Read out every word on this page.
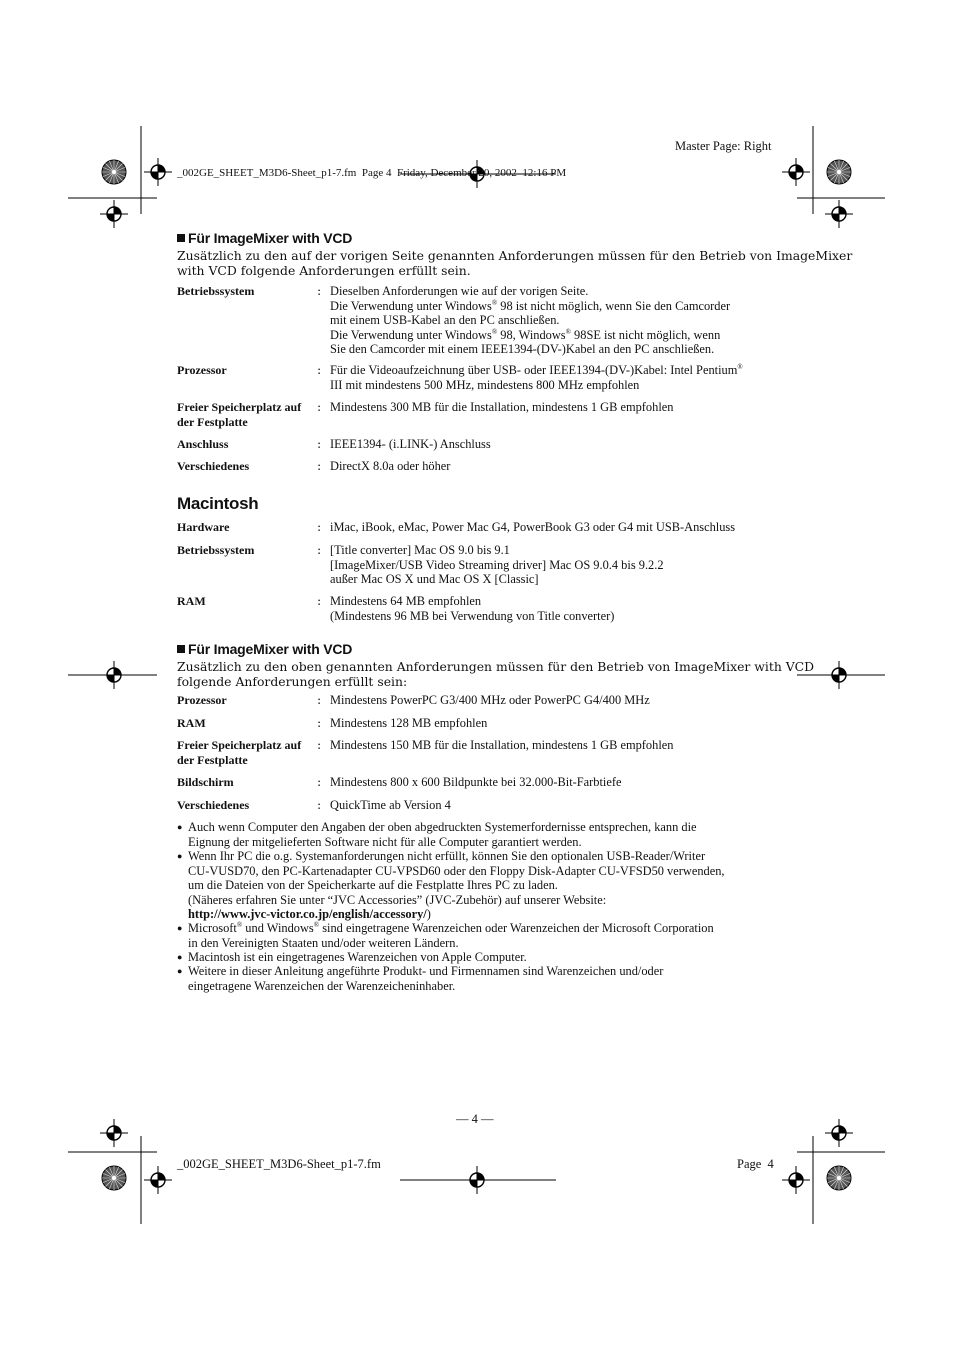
Master Page: Right
_002GE_SHEET_M3D6-Sheet_p1-7.fm  Page 4  Friday, December 20, 2002  12:16 PM
Für ImageMixer with VCD
Zusätzlich zu den auf der vorigen Seite genannten Anforderungen müssen für den Betrieb von ImageMixer
with VCD folgende Anforderungen erfüllt sein.
Betriebssystem	: Dieselben Anforderungen wie auf der vorigen Seite.
Die Verwendung unter Windows® 98 ist nicht möglich, wenn Sie den Camcorder
mit einem USB-Kabel an den PC anschließen.
Die Verwendung unter Windows® 98, Windows® 98SE ist nicht möglich, wenn
Sie den Camcorder mit einem IEEE1394-(DV-)Kabel an den PC anschließen.
Prozessor	: Für die Videoaufzeichnung über USB- oder IEEE1394-(DV-)Kabel: Intel Pentium®
III mit mindestens 500 MHz, mindestens 800 MHz empfohlen
Freier Speicherplatz auf
der Festplatte
: Mindestens 300 MB für die Installation, mindestens 1 GB empfohlen
Anschluss	: IEEE1394- (i.LINK-) Anschluss
Verschiedenes	: DirectX 8.0a oder höher
Macintosh
Hardware	: iMac, iBook, eMac, Power Mac G4, PowerBook G3 oder G4 mit USB-Anschluss
Betriebssystem	: [Title converter] Mac OS 9.0 bis 9.1
[ImageMixer/USB Video Streaming driver] Mac OS 9.0.4 bis 9.2.2
außer Mac OS X und Mac OS X [Classic]
RAM	: Mindestens 64 MB empfohlen
(Mindestens 96 MB bei Verwendung von Title converter)
Für ImageMixer with VCD
Zusätzlich zu den oben genannten Anforderungen müssen für den Betrieb von ImageMixer with VCD
folgende Anforderungen erfüllt sein:
Prozessor	: Mindestens PowerPC G3/400 MHz oder PowerPC G4/400 MHz
RAM	: Mindestens 128 MB empfohlen
Freier Speicherplatz auf
der Festplatte
: Mindestens 150 MB für die Installation, mindestens 1 GB empfohlen
Bildschirm	: Mindestens 800 x 600 Bildpunkte bei 32.000-Bit-Farbtiefe
Verschiedenes	: QuickTime ab Version 4
● Auch wenn Computer den Angaben der oben abgedruckten Systemerfordernisse entsprechen, kann die
Eignung der mitgelieferten Software nicht für alle Computer garantiert werden.
● Wenn Ihr PC die o.g. Systemanforderungen nicht erfüllt, können Sie den optionalen USB-Reader/Writer
CU-VUSD70, den PC-Kartenadapter CU-VPSD60 oder den Floppy Disk-Adapter CU-VFSD50 verwenden,
um die Dateien von der Speicherkarte auf die Festplatte Ihres PC zu laden.
(Näheres erfahren Sie unter “JVC Accessories” (JVC-Zubehör) auf unserer Website:
http://www.jvc-victor.co.jp/english/accessory/)
● Microsoft® und Windows® sind eingetragene Warenzeichen oder Warenzeichen der Microsoft Corporation
in den Vereinigten Staaten und/oder weiteren Ländern.
● Macintosh ist ein eingetragenes Warenzeichen von Apple Computer.
● Weitere in dieser Anleitung angeführte Produkt- und Firmennamen sind Warenzeichen und/oder
eingetragene Warenzeichen der Warenzeicheninhaber.
— 4 —
_002GE_SHEET_M3D6-Sheet_p1-7.fm	Page  4
